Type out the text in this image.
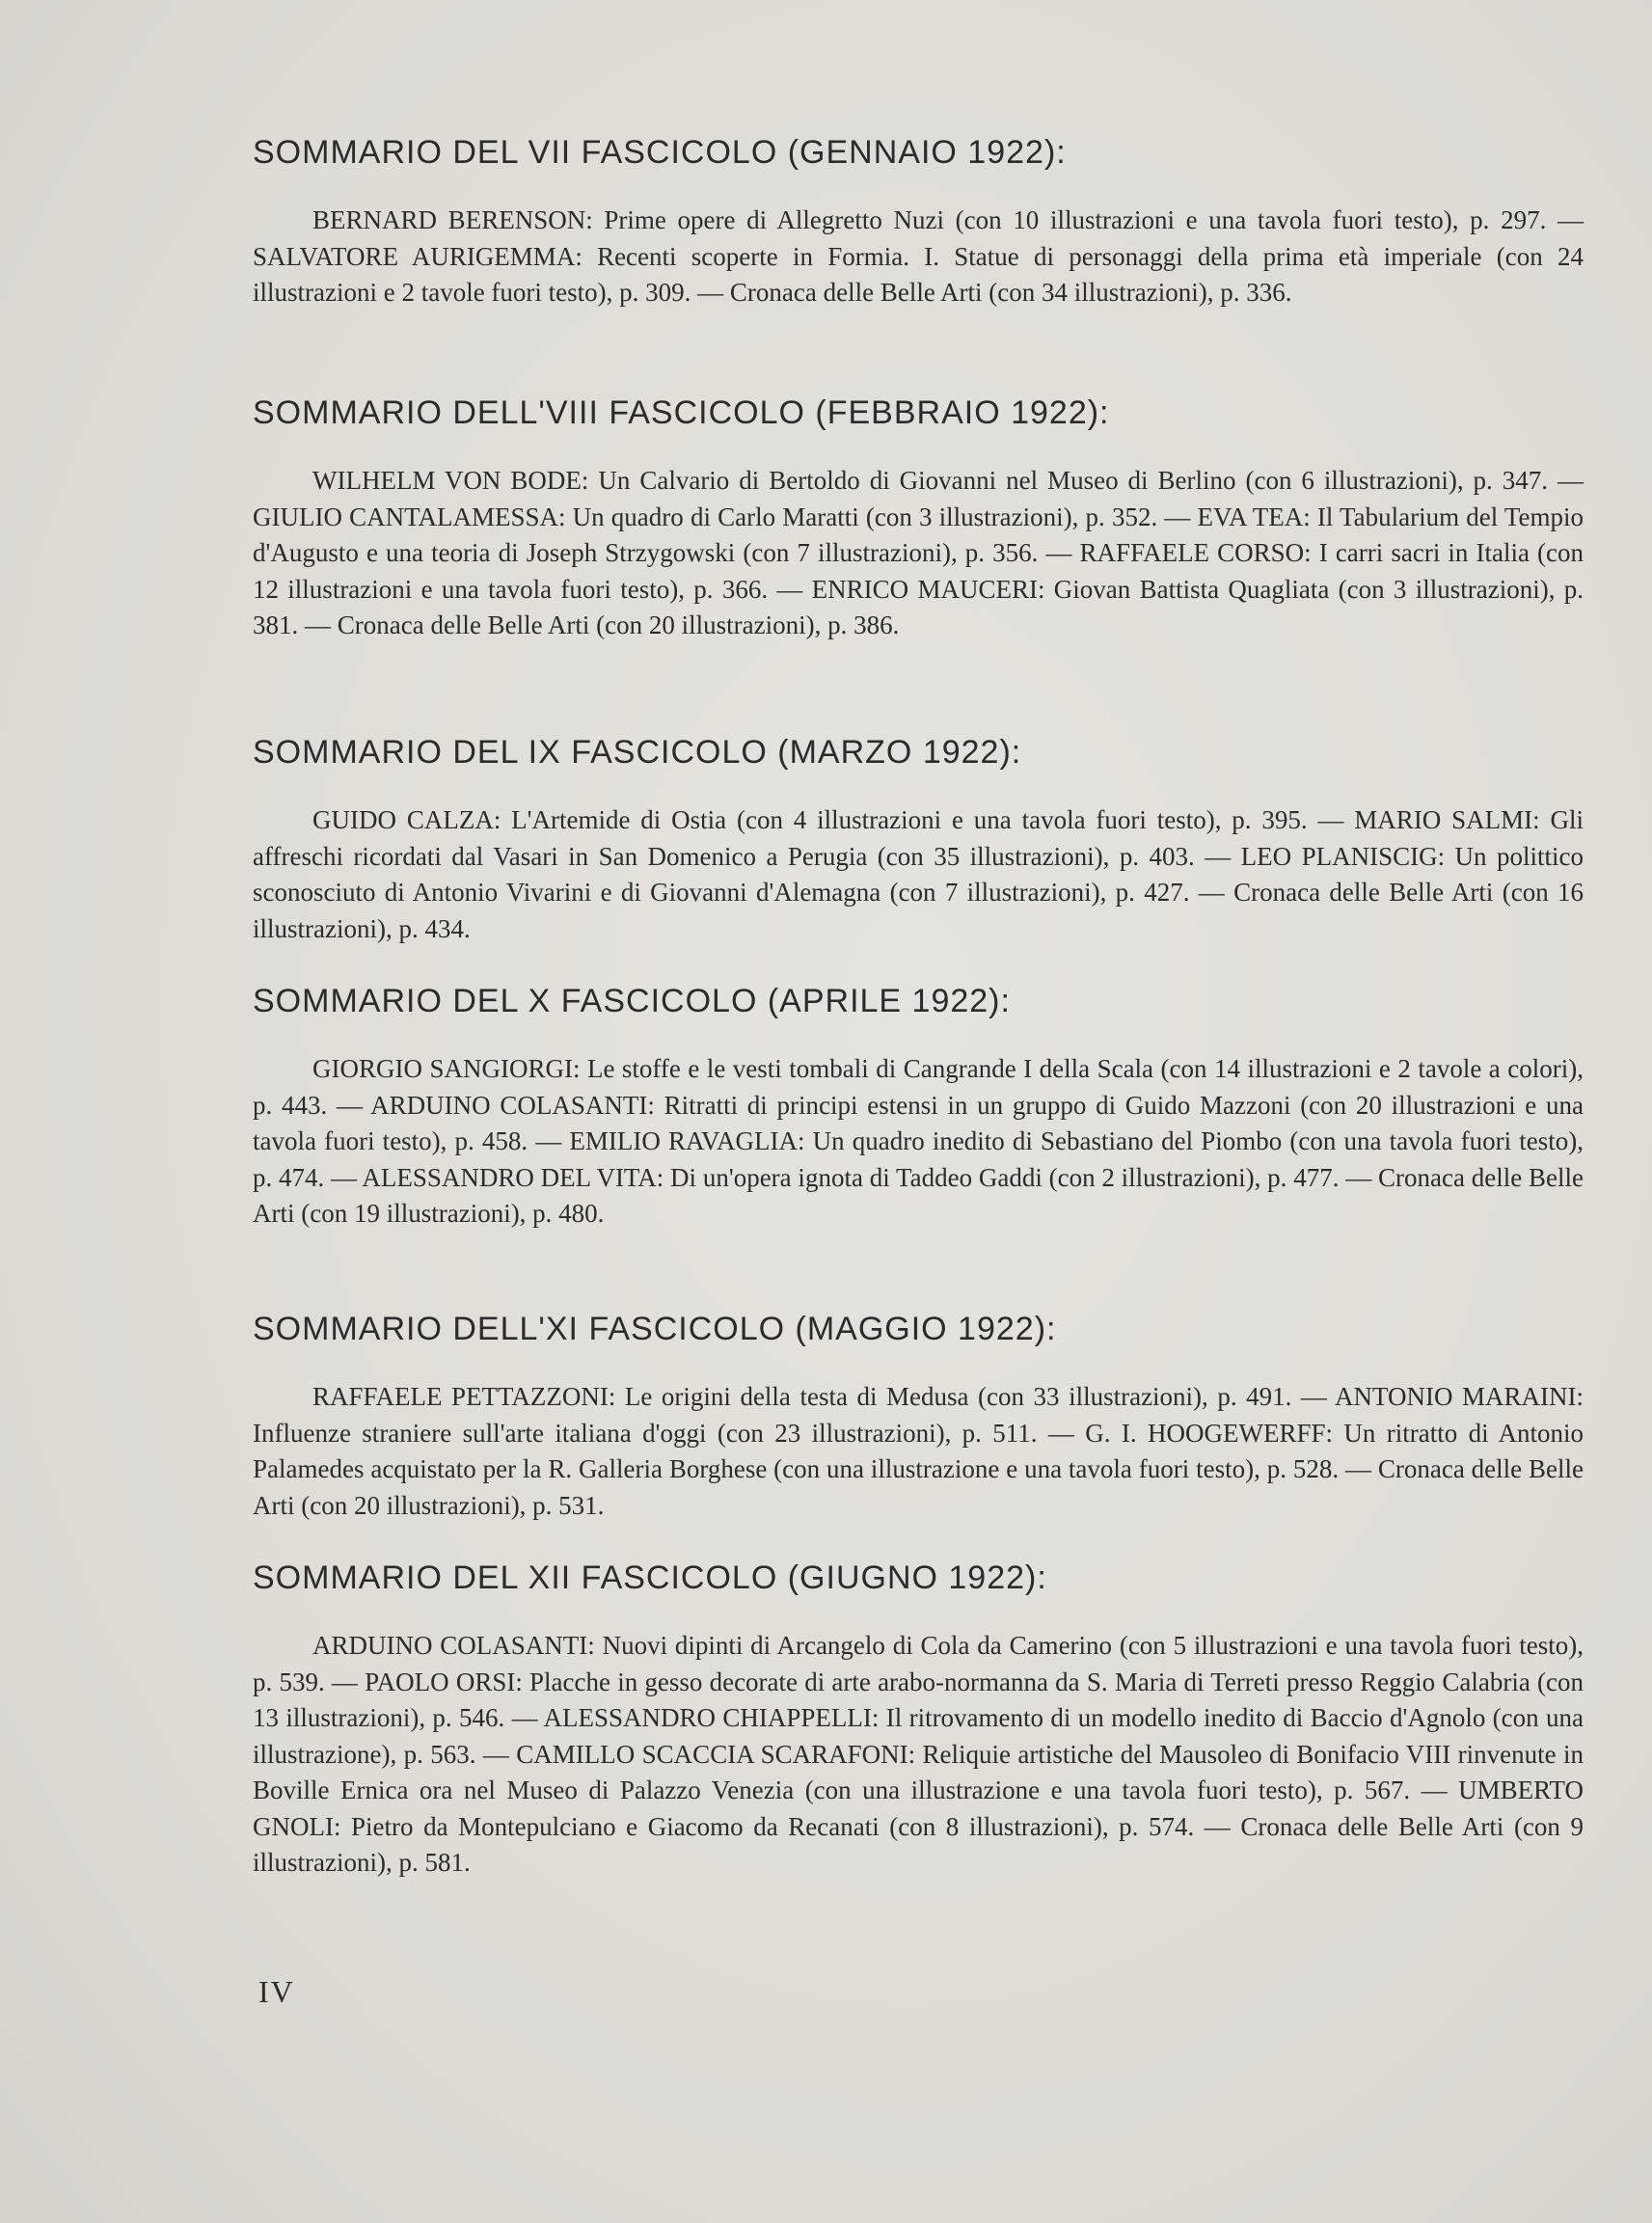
SOMMARIO DEL VII FASCICOLO (GENNAIO 1922):

BERNARD BERENSON: Prime opere di Allegretto Nuzi (con 10 illustrazioni e una tavola fuori testo), p. 297. — SALVATORE AURIGEMMA: Recenti scoperte in Formia. I. Statue di personaggi della prima età imperiale (con 24 illustrazioni e 2 tavole fuori testo), p. 309. — Cronaca delle Belle Arti (con 34 illustrazioni), p. 336.

SOMMARIO DELL'VIII FASCICOLO (FEBBRAIO 1922):

WILHELM VON BODE: Un Calvario di Bertoldo di Giovanni nel Museo di Berlino (con 6 illustrazioni), p. 347. — GIULIO CANTALAMESSA: Un quadro di Carlo Maratti (con 3 illustrazioni), p. 352. — EVA TEA: Il Tabularium del Tempio d'Augusto e una teoria di Joseph Strzygowski (con 7 illustrazioni), p. 356. — RAFFAELE CORSO: I carri sacri in Italia (con 12 illustrazioni e una tavola fuori testo), p. 366. — ENRICO MAUCERI: Giovan Battista Quagliata (con 3 illustrazioni), p. 381. — Cronaca delle Belle Arti (con 20 illustrazioni), p. 386.

SOMMARIO DEL IX FASCICOLO (MARZO 1922):

GUIDO CALZA: L'Artemide di Ostia (con 4 illustrazioni e una tavola fuori testo), p. 395. — MARIO SALMI: Gli affreschi ricordati dal Vasari in San Domenico a Perugia (con 35 illustrazioni), p. 403. — LEO PLANISCIG: Un polittico sconosciuto di Antonio Vivarini e di Giovanni d'Alemagna (con 7 illustrazioni), p. 427. — Cronaca delle Belle Arti (con 16 illustrazioni), p. 434.

SOMMARIO DEL X FASCICOLO (APRILE 1922):

GIORGIO SANGIORGI: Le stoffe e le vesti tombali di Cangrande I della Scala (con 14 illustrazioni e 2 tavole a colori), p. 443. — ARDUINO COLASANTI: Ritratti di principi estensi in un gruppo di Guido Mazzoni (con 20 illustrazioni e una tavola fuori testo), p. 458. — EMILIO RAVAGLIA: Un quadro inedito di Sebastiano del Piombo (con una tavola fuori testo), p. 474. — ALESSANDRO DEL VITA: Di un'opera ignota di Taddeo Gaddi (con 2 illustrazioni), p. 477. — Cronaca delle Belle Arti (con 19 illustrazioni), p. 480.

SOMMARIO DELL'XI FASCICOLO (MAGGIO 1922):

RAFFAELE PETTAZZONI: Le origini della testa di Medusa (con 33 illustrazioni), p. 491. — ANTONIO MARAINI: Influenze straniere sull'arte italiana d'oggi (con 23 illustrazioni), p. 511. — G. I. HOOGEWERFF: Un ritratto di Antonio Palamedes acquistato per la R. Galleria Borghese (con una illustrazione e una tavola fuori testo), p. 528. — Cronaca delle Belle Arti (con 20 illustrazioni), p. 531.

SOMMARIO DEL XII FASCICOLO (GIUGNO 1922):

ARDUINO COLASANTI: Nuovi dipinti di Arcangelo di Cola da Camerino (con 5 illustrazioni e una tavola fuori testo), p. 539. — PAOLO ORSI: Placche in gesso decorate di arte arabo-normanna da S. Maria di Terreti presso Reggio Calabria (con 13 illustrazioni), p. 546. — ALESSANDRO CHIAPPELLI: Il ritrovamento di un modello inedito di Baccio d'Agnolo (con una illustrazione), p. 563. — CAMILLO SCACCIA SCARAFONI: Reliquie artistiche del Mausoleo di Bonifacio VIII rinvenute in Boville Ernica ora nel Museo di Palazzo Venezia (con una illustrazione e una tavola fuori testo), p. 567. — UMBERTO GNOLI: Pietro da Montepulciano e Giacomo da Recanati (con 8 illustrazioni), p. 574. — Cronaca delle Belle Arti (con 9 illustrazioni), p. 581.

IV
